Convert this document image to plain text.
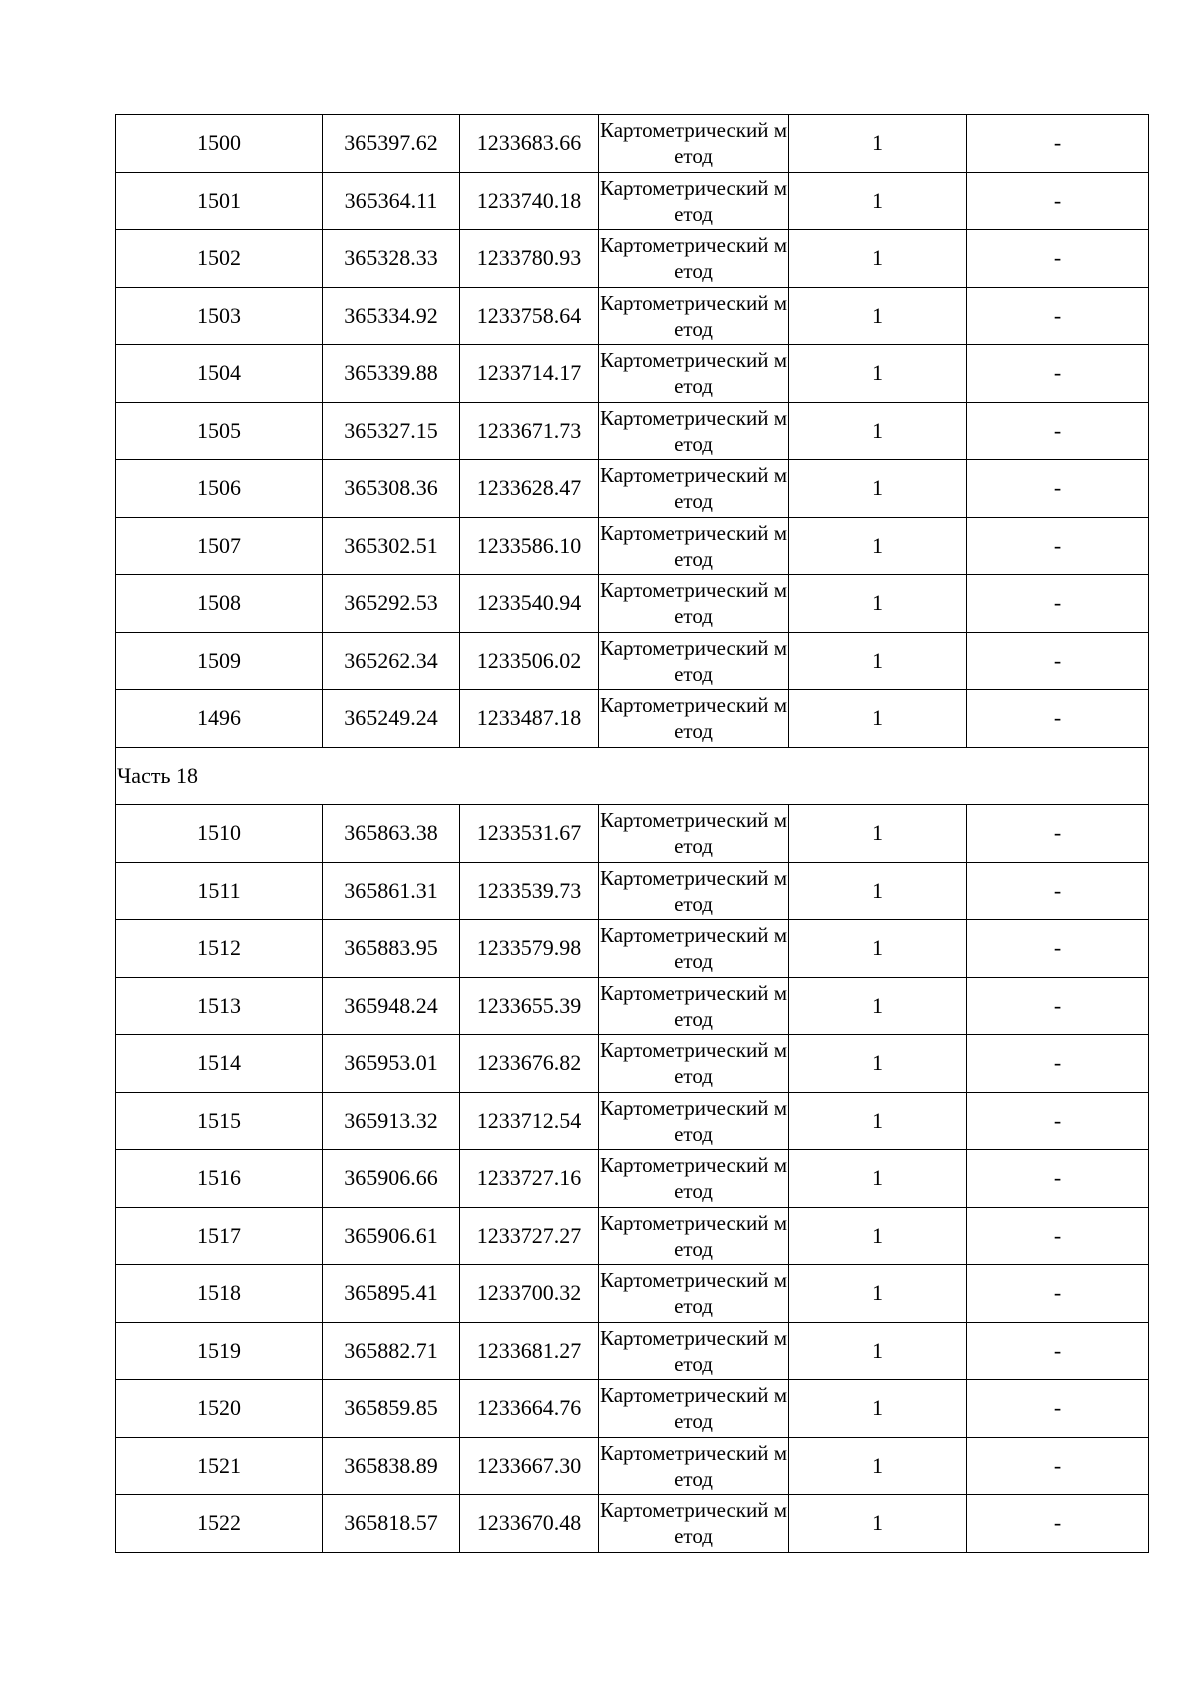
1500	365397.62	1233683.66	Картометрический метод	1	-
1501	365364.11	1233740.18	Картометрический метод	1	-
1502	365328.33	1233780.93	Картометрический метод	1	-
1503	365334.92	1233758.64	Картометрический метод	1	-
1504	365339.88	1233714.17	Картометрический метод	1	-
1505	365327.15	1233671.73	Картометрический метод	1	-
1506	365308.36	1233628.47	Картометрический метод	1	-
1507	365302.51	1233586.10	Картометрический метод	1	-
1508	365292.53	1233540.94	Картометрический метод	1	-
1509	365262.34	1233506.02	Картометрический метод	1	-
1496	365249.24	1233487.18	Картометрический метод	1	-
Часть 18					
1510	365863.38	1233531.67	Картометрический метод	1	-
1511	365861.31	1233539.73	Картометрический метод	1	-
1512	365883.95	1233579.98	Картометрический метод	1	-
1513	365948.24	1233655.39	Картометрический метод	1	-
1514	365953.01	1233676.82	Картометрический метод	1	-
1515	365913.32	1233712.54	Картометрический метод	1	-
1516	365906.66	1233727.16	Картометрический метод	1	-
1517	365906.61	1233727.27	Картометрический метод	1	-
1518	365895.41	1233700.32	Картометрический метод	1	-
1519	365882.71	1233681.27	Картометрический метод	1	-
1520	365859.85	1233664.76	Картометрический метод	1	-
1521	365838.89	1233667.30	Картометрический метод	1	-
1522	365818.57	1233670.48	Картометрический метод	1	-
